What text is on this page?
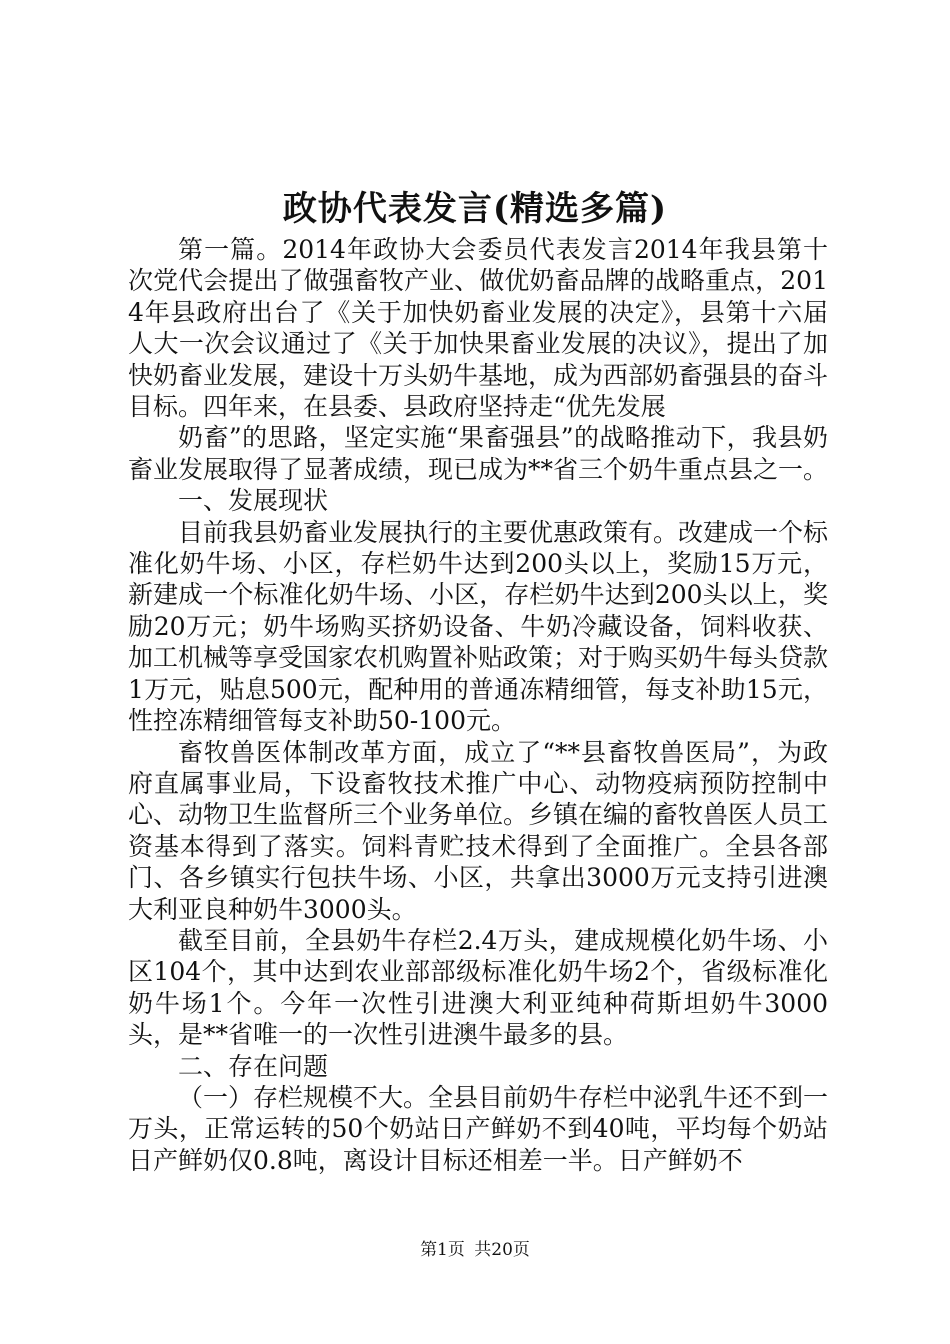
政协代表发言(精选多篇)

第一篇。2014年政协大会委员代表发言2014年我县第十次党代会提出了做强畜牧产业、做优奶畜品牌的战略重点，2014年县政府出台了《关于加快奶畜业发展的决定》，县第十六届人大一次会议通过了《关于加快果畜业发展的决议》，提出了加快奶畜业发展，建设十万头奶牛基地，成为西部奶畜强县的奋斗目标。四年来，在县委、县政府坚持走“优先发展

奶畜”的思路，坚定实施“果畜强县”的战略推动下，我县奶畜业发展取得了显著成绩，现已成为**省三个奶牛重点县之一。

一、发展现状

目前我县奶畜业发展执行的主要优惠政策有。改建成一个标准化奶牛场、小区，存栏奶牛达到200头以上，奖励15万元，新建成一个标准化奶牛场、小区，存栏奶牛达到200头以上，奖励20万元；奶牛场购买挤奶设备、牛奶冷藏设备，饲料收获、加工机械等享受国家农机购置补贴政策；对于购买奶牛每头贷款1万元，贴息500元，配种用的普通冻精细管，每支补助15元，性控冻精细管每支补助50-100元。

畜牧兽医体制改革方面，成立了“**县畜牧兽医局”，为政府直属事业局，下设畜牧技术推广中心、动物疫病预防控制中心、动物卫生监督所三个业务单位。乡镇在编的畜牧兽医人员工资基本得到了落实。饲料青贮技术得到了全面推广。全县各部门、各乡镇实行包扶牛场、小区，共拿出3000万元支持引进澳大利亚良种奶牛3000头。

截至目前，全县奶牛存栏2.4万头，建成规模化奶牛场、小区104个，其中达到农业部部级标准化奶牛场2个，省级标准化奶牛场1个。今年一次性引进澳大利亚纯种荷斯坦奶牛3000头，是**省唯一的一次性引进澳牛最多的县。

二、存在问题

（一）存栏规模不大。全县目前奶牛存栏中泌乳牛还不到一万头，正常运转的50个奶站日产鲜奶不到40吨，平均每个奶站日产鲜奶仅0.8吨，离设计目标还相差一半。日产鲜奶不

第1页 共20页
